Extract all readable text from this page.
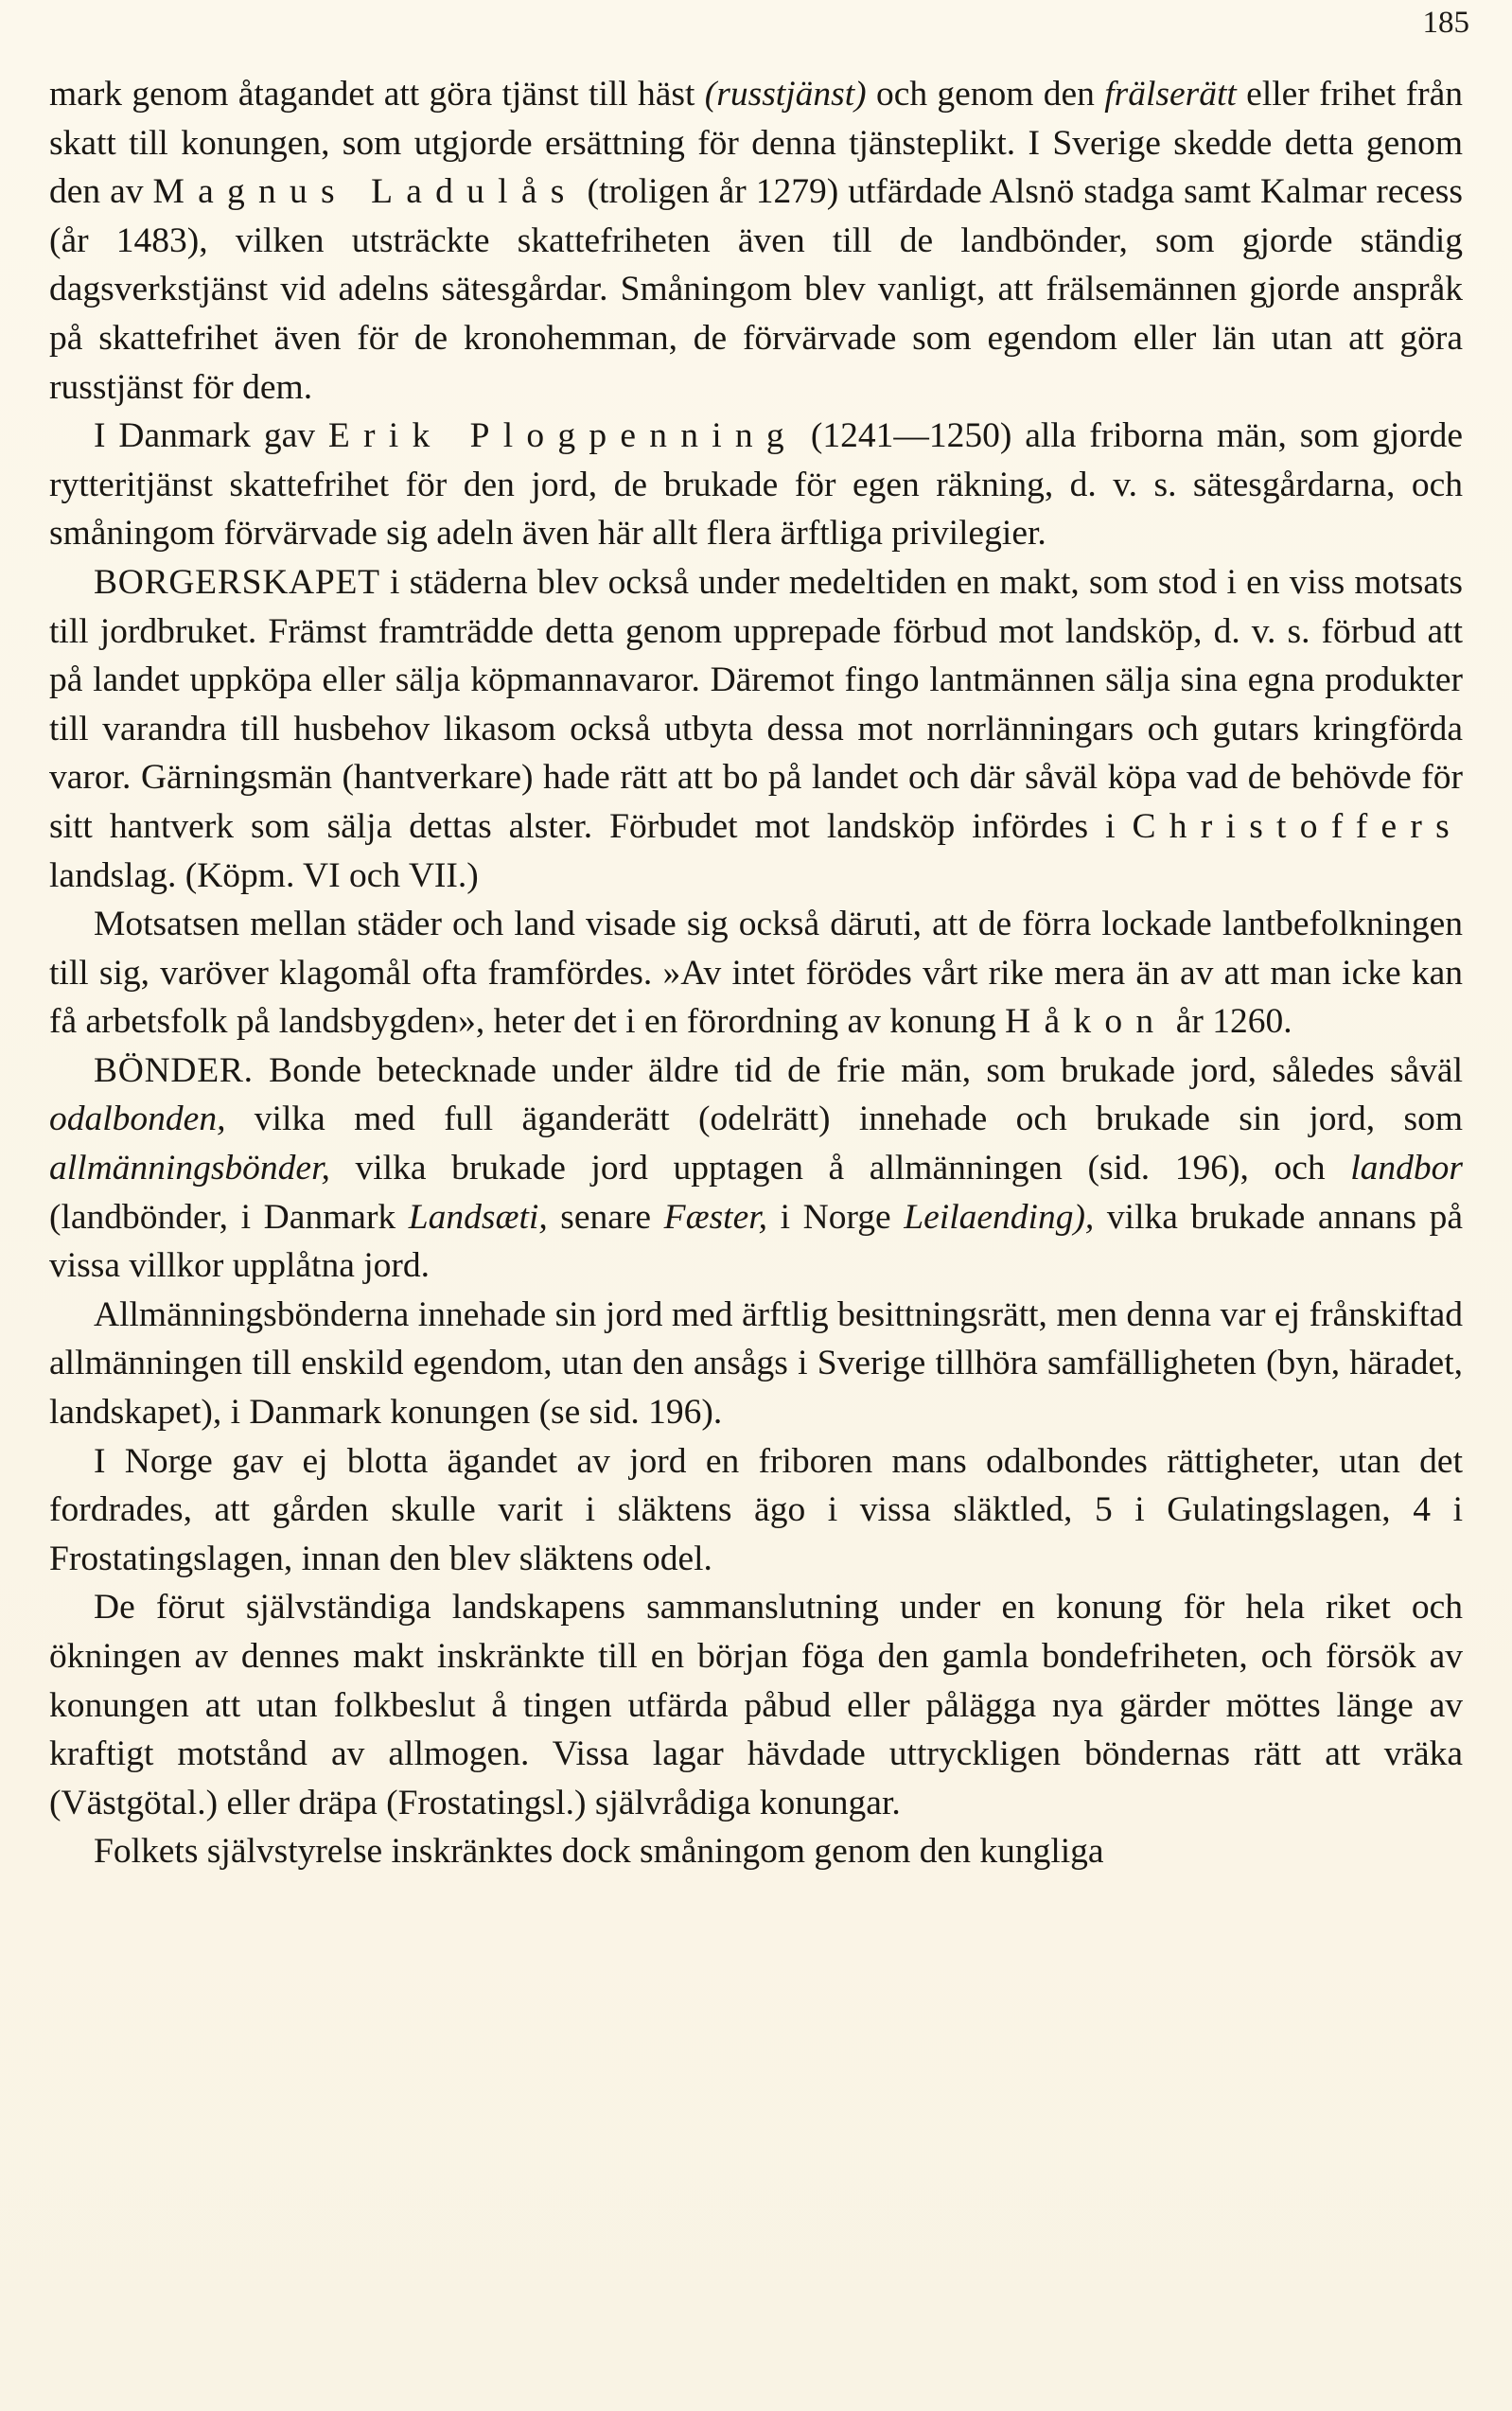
185

mark genom åtagandet att göra tjänst till häst (russtjänst) och genom den frälserätt eller frihet från skatt till konungen, som utgjorde ersättning för denna tjänsteplikt. I Sverige skedde detta genom den av Magnus Ladulås (troligen år 1279) utfärdade Alsnö stadga samt Kalmar recess (år 1483), vilken utsträckte skattefriheten även till de landbönder, som gjorde ständig dagsverkstjänst vid adelns sätesgårdar. Småningom blev vanligt, att frälsemännen gjorde anspråk på skattefrihet även för de kronohemman, de förvärvade som egendom eller län utan att göra russtjänst för dem.

I Danmark gav Erik Plogpenning (1241—1250) alla friborna män, som gjorde rytteritjänst skattefrihet för den jord, de brukade för egen räkning, d. v. s. sätesgårdarna, och småningom förvärvade sig adeln även här allt flera ärftliga privilegier.

BORGERSKAPET i städerna blev också under medeltiden en makt, som stod i en viss motsats till jordbruket. Främst framträdde detta genom upprepade förbud mot landsköp, d. v. s. förbud att på landet uppköpa eller sälja köpmannavaror. Däremot fingo lantmännen sälja sina egna produkter till varandra till husbehov likasom också utbyta dessa mot norrlänningars och gutars kringförda varor. Gärningsmän (hantverkare) hade rätt att bo på landet och där såväl köpa vad de behövde för sitt hantverk som sälja dettas alster. Förbudet mot landsköp infördes i Christoffers landslag. (Köpm. VI och VII.)

Motsatsen mellan städer och land visade sig också däruti, att de förra lockade lantbefolkningen till sig, varöver klagomål ofta framfördes. »Av intet förödes vårt rike mera än av att man icke kan få arbetsfolk på landsbygden», heter det i en förordning av konung Håkon år 1260.

BÖNDER. Bonde betecknade under äldre tid de frie män, som brukade jord, således såväl odalbonden, vilka med full äganderätt (odelrätt) innehade och brukade sin jord, som allmänningsbönder, vilka brukade jord upptagen å allmänningen (sid. 196), och landbor (landbönder, i Danmark Landsæti, senare Fæster, i Norge Leilaending), vilka brukade annans på vissa villkor upplåtna jord.

Allmänningsbönderna innehade sin jord med ärftlig besittningsrätt, men denna var ej frånskiftad allmänningen till enskild egendom, utan den ansågs i Sverige tillhöra samfälligheten (byn, häradet, landskapet), i Danmark konungen (se sid. 196).

I Norge gav ej blotta ägandet av jord en friboren mans odalbondes rättigheter, utan det fordrades, att gården skulle varit i släktens ägo i vissa släktled, 5 i Gulatingslagen, 4 i Frostatingslagen, innan den blev släktens odel.

De förut självständiga landskapens sammanslutning under en konung för hela riket och ökningen av dennes makt inskränkte till en början föga den gamla bondefriheten, och försök av konungen att utan folkbeslut å tingen utfärda påbud eller pålägga nya gärder möttes länge av kraftigt motstånd av allmogen. Vissa lagar hävdade uttryckligen böndernas rätt att vräka (Västgötal.) eller dräpa (Frostatingsl.) självrådiga konungar.

Folkets självstyrelse inskränktes dock småningom genom den kungliga
